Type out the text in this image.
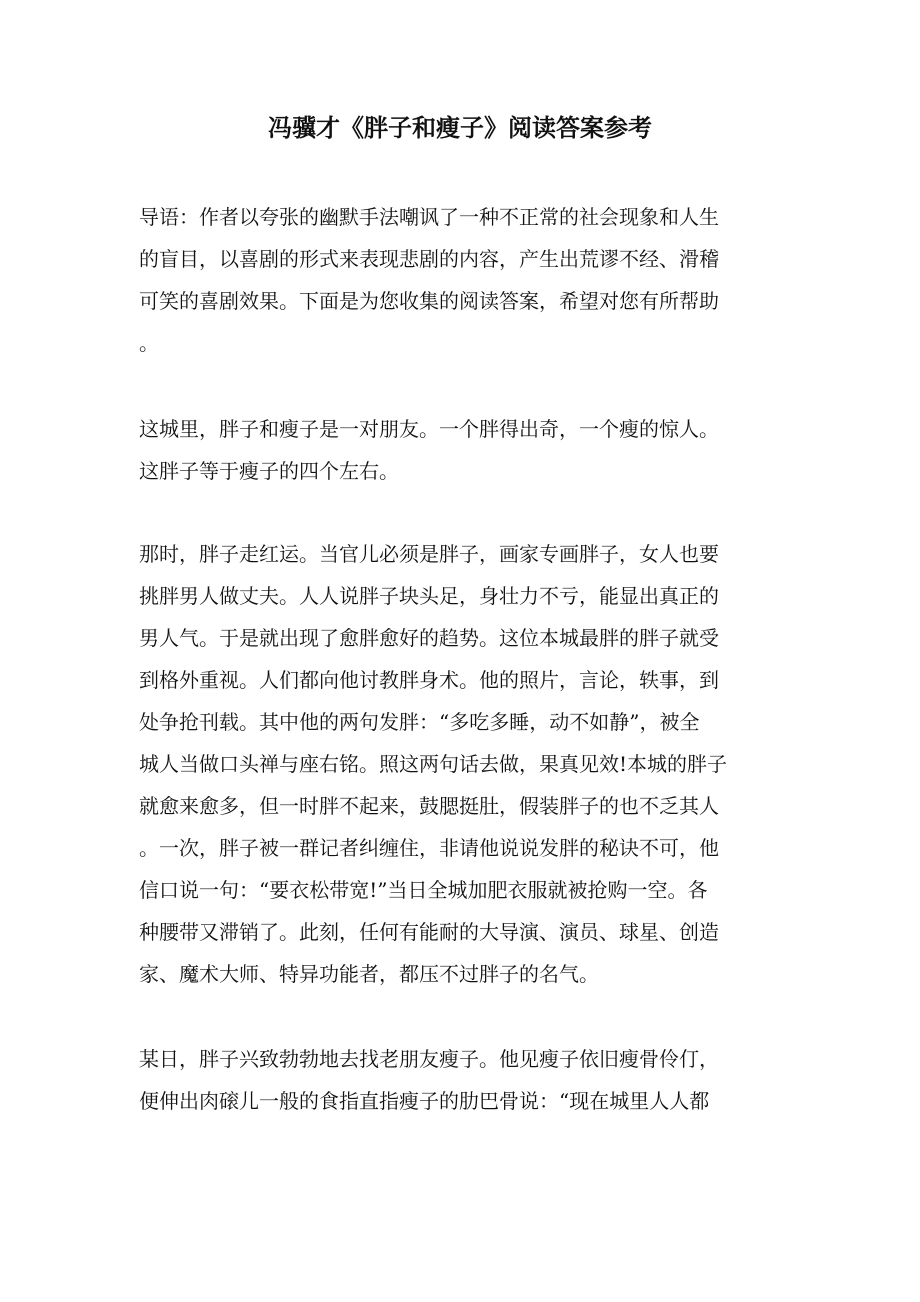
冯骥才《胖子和瘦子》阅读答案参考
导语：作者以夸张的幽默手法嘲讽了一种不正常的社会现象和人生
的盲目，以喜剧的形式来表现悲剧的内容，产生出荒谬不经、滑稽
可笑的喜剧效果。下面是为您收集的阅读答案，希望对您有所帮助
。
这城里，胖子和瘦子是一对朋友。一个胖得出奇，一个瘦的惊人。
这胖子等于瘦子的四个左右。
那时，胖子走红运。当官儿必须是胖子，画家专画胖子，女人也要
挑胖男人做丈夫。人人说胖子块头足，身壮力不亏，能显出真正的
男人气。于是就出现了愈胖愈好的趋势。这位本城最胖的胖子就受
到格外重视。人们都向他讨教胖身术。他的照片，言论，轶事，到
处争抢刊载。其中他的两句发胖：“多吃多睡，动不如静”，被全
城人当做口头禅与座右铭。照这两句话去做，果真见效!本城的胖子
就愈来愈多，但一时胖不起来，鼓腮挺肚，假装胖子的也不乏其人
。一次，胖子被一群记者纠缠住，非请他说说发胖的秘诀不可，他
信口说一句：“要衣松带宽!”当日全城加肥衣服就被抢购一空。各
种腰带又滞销了。此刻，任何有能耐的大导演、演员、球星、创造
家、魔术大师、特异功能者，都压不过胖子的名气。
某日，胖子兴致勃勃地去找老朋友瘦子。他见瘦子依旧瘦骨伶仃，
便伸出肉磙儿一般的食指直指瘦子的肋巴骨说：“现在城里人人都
